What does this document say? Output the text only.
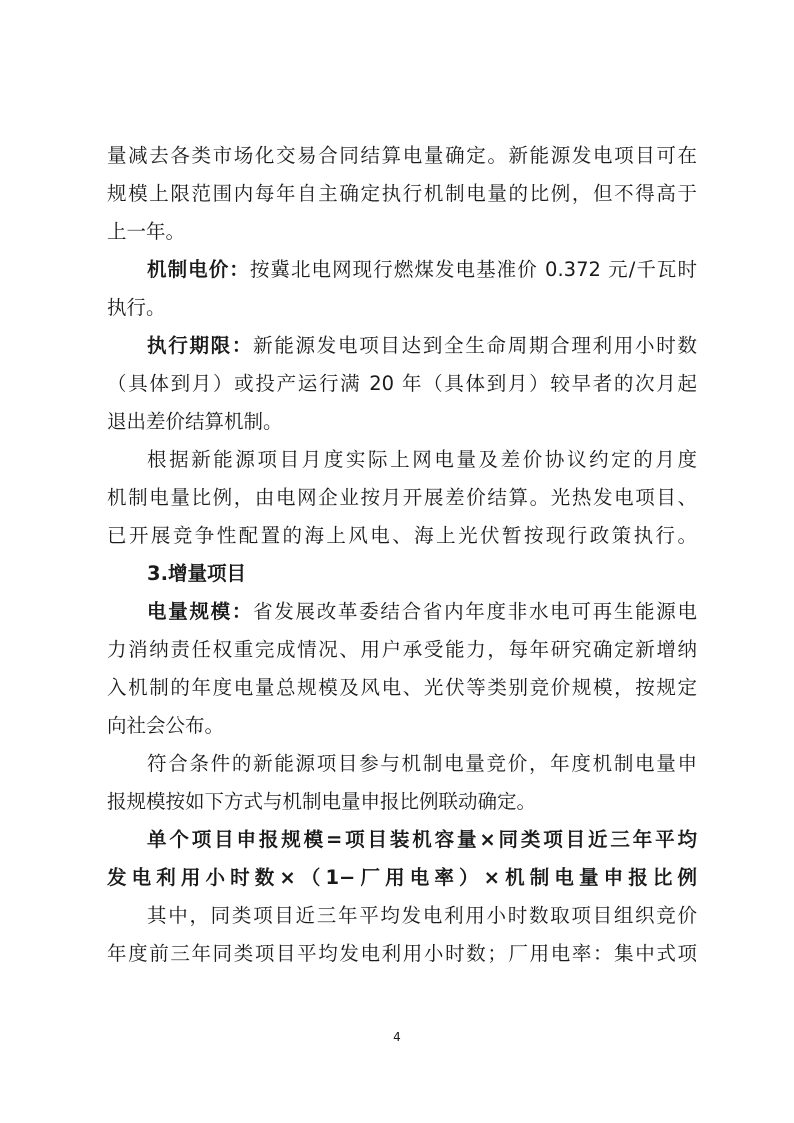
量减去各类市场化交易合同结算电量确定。新能源发电项目可在
规模上限范围内每年自主确定执行机制电量的比例，但不得高于
上一年。
机制电价：按冀北电网现行燃煤发电基准价 0.372 元/千瓦时
执行。
执行期限：新能源发电项目达到全生命周期合理利用小时数
（具体到月）或投产运行满 20 年（具体到月）较早者的次月起
退出差价结算机制。
根据新能源项目月度实际上网电量及差价协议约定的月度
机制电量比例，由电网企业按月开展差价结算。光热发电项目、
已开展竞争性配置的海上风电、海上光伏暂按现行政策执行。
3.增量项目
电量规模：省发展改革委结合省内年度非水电可再生能源电
力消纳责任权重完成情况、用户承受能力，每年研究确定新增纳
入机制的年度电量总规模及风电、光伏等类别竞价规模，按规定
向社会公布。
符合条件的新能源项目参与机制电量竞价，年度机制电量申
报规模按如下方式与机制电量申报比例联动确定。
单个项目申报规模=项目装机容量×同类项目近三年平均
发电利用小时数×（1−厂用电率）×机制电量申报比例
其中，同类项目近三年平均发电利用小时数取项目组织竞价
年度前三年同类项目平均发电利用小时数；厂用电率：集中式项
4
